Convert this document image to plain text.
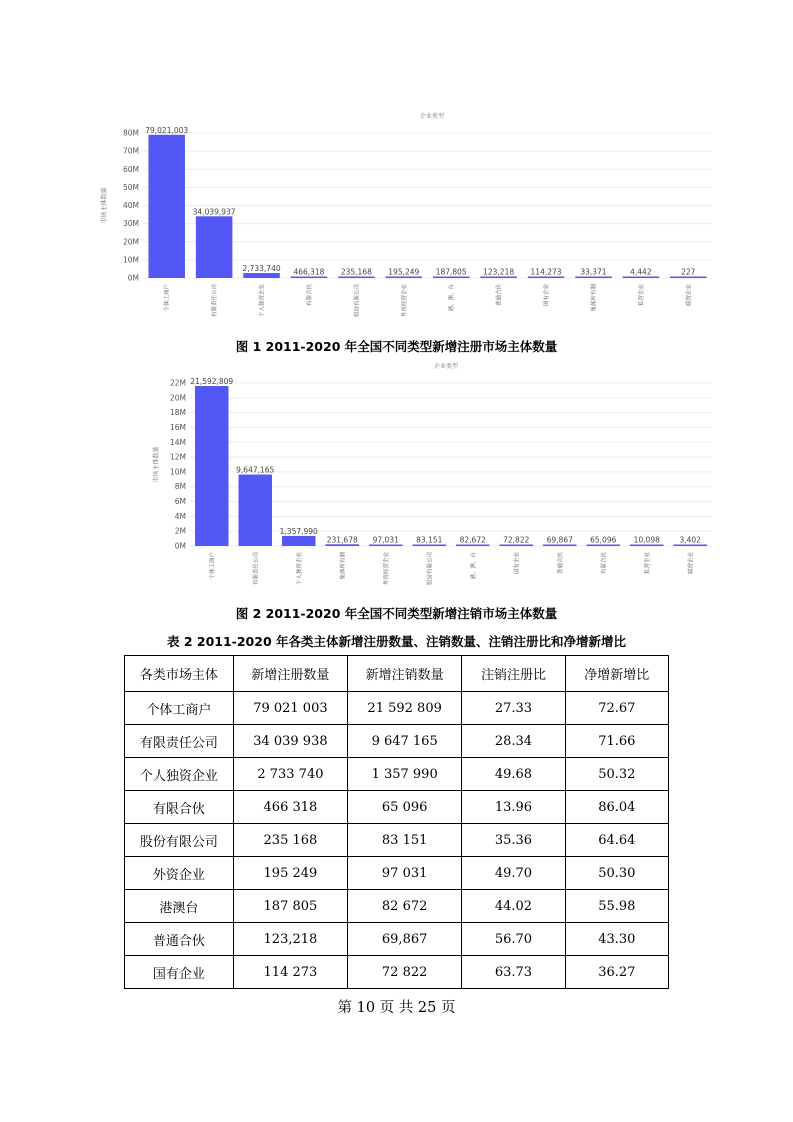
企业类型
市场主体数量
0M
10M
20M
30M
40M
50M
60M
70M
80M 79,021,003
个体工商户
34,039,937
有限责任公司
2,733,740
个人独资企业
466,318
有限合伙
235,168
股份有限公司
195,249
外资经营企业
187,805
港、澳、台
123,218
普通合伙
114,273
国有企业
33,371
集体所有制
4,442
私营企业
227
联营企业
图 1 2011-2020 年全国不同类型新增注册市场主体数量
企业类型
市场主体数量
0M
2M
4M
6M
8M
10M
12M
14M
16M
18M
20M
22M 21,592,809
个体工商户
9,647,165
有限责任公司
1,357,990
个人独资企业
231,678
集体所有制
97,031
外资经营企业
83,151
股份有限公司
82,672
港、澳、台
72,822
国有企业
69,867
普通合伙
65,096
有限合伙
10,098
私营企业
3,402
联营企业
图 2 2011-2020 年全国不同类型新增注销市场主体数量
表 2 2011-2020 年各类主体新增注册数量、注销数量、注销注册比和净增新增比
各类市场主体	新增注册数量	新增注销数量	注销注册比	净增新增比
个体工商户	79 021 003	21 592 809	27.33	72.67
有限责任公司	34 039 938	9 647 165	28.34	71.66
个人独资企业	2 733 740	1 357 990	49.68	50.32
有限合伙	466 318	65 096	13.96	86.04
股份有限公司	235 168	83 151	35.36	64.64
外资企业	195 249	97 031	49.70	50.30
港澳台	187 805	82 672	44.02	55.98
普通合伙	123,218	69,867	56.70	43.30
国有企业	114 273	72 822	63.73	36.27
第 10 页 共 25 页
